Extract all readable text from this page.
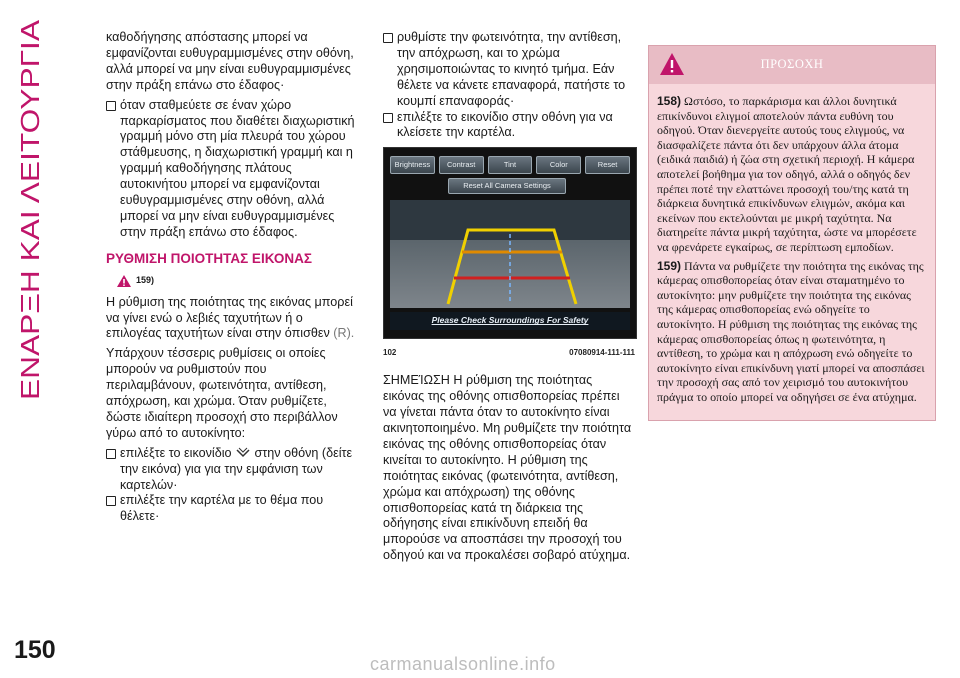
ΕΝΑΡΞΗ ΚΑΙ ΛΕΙΤΟΥΡΓΙΑ
150

καθοδήγησης απόστασης μπορεί να εμφανίζονται ευθυγραμμισμένες στην οθόνη, αλλά μπορεί να μην είναι ευθυγραμμισμένες στην πράξη επάνω στο έδαφος·

όταν σταθμεύετε σε έναν χώρο παρκαρίσματος που διαθέτει διαχωριστική γραμμή μόνο στη μία πλευρά του χώρου στάθμευσης, η διαχωριστική γραμμή και η γραμμή καθοδήγησης πλάτους αυτοκινήτου μπορεί να εμφανίζονται ευθυγραμμισμένες στην οθόνη, αλλά μπορεί να μην είναι ευθυγραμμισμένες στην πράξη επάνω στο έδαφος.
ΡΥΘΜΙΣΗ ΠΟΙΟΤΗΤΑΣ ΕΙΚΟΝΑΣ
159)

Η ρύθμιση της ποιότητας της εικόνας μπορεί να γίνει ενώ ο λεβιές ταχυτήτων ή ο επιλογέας ταχυτήτων είναι στην όπισθεν (R).

Υπάρχουν τέσσερις ρυθμίσεις οι οποίες μπορούν να ρυθμιστούν που περιλαμβάνουν, φωτεινότητα, αντίθεση, απόχρωση, και χρώμα. Όταν ρυθμίζετε, δώστε ιδιαίτερη προσοχή στο περιβάλλον γύρω από το αυτοκίνητο:

επιλέξτε το εικονίδιο στην οθόνη (δείτε την εικόνα) για για την εμφάνιση των καρτελών·
επιλέξτε την καρτέλα με το θέμα που θέλετε·
ρυθμίστε την φωτεινότητα, την αντίθεση, την απόχρωση, και το χρώμα χρησιμοποιώντας το κινητό τμήμα. Εάν θέλετε να κάνετε επαναφορά, πατήστε το κουμπί επαναφοράς·
επιλέξτε το εικονίδιο στην οθόνη για να κλείσετε την καρτέλα.
Brightness	Contrast	Tint	Color	Reset
Reset All Camera Settings
Please Check Surroundings For Safety
102	07080914-111-111

ΣΗΜΕΊΩΣΗ Η ρύθμιση της ποιότητας εικόνας της οθόνης οπισθοπορείας πρέπει να γίνεται πάντα όταν το αυτοκίνητο είναι ακινητοποιημένο. Μη ρυθμίζετε την ποιότητα εικόνας της οθόνης οπισθοπορείας όταν κινείται το αυτοκίνητο. Η ρύθμιση της ποιότητας εικόνας (φωτεινότητα, αντίθεση, χρώμα και απόχρωση) της οθόνης οπισθοπορείας κατά τη διάρκεια της οδήγησης είναι επικίνδυνη επειδή θα μπορούσε να αποσπάσει την προσοχή του οδηγού και να προκαλέσει σοβαρό ατύχημα.

ΠΡΟΣΟΧΗ

158) Ωστόσο, το παρκάρισμα και άλλοι δυνητικά επικίνδυνοι ελιγμοί αποτελούν πάντα ευθύνη του οδηγού. Όταν διενεργείτε αυτούς τους ελιγμούς, να διασφαλίζετε πάντα ότι δεν υπάρχουν άλλα άτομα (ειδικά παιδιά) ή ζώα στη σχετική περιοχή. Η κάμερα αποτελεί βοήθημα για τον οδηγό, αλλά ο οδηγός δεν πρέπει ποτέ την ελαττώνει προσοχή του/της κατά τη διάρκεια δυνητικά επικίνδυνων ελιγμών, ακόμα και εκείνων που εκτελούνται με μικρή ταχύτητα. Να διατηρείτε πάντα μικρή ταχύτητα, ώστε να μπορέσετε να φρενάρετε εγκαίρως, σε περίπτωση εμποδίων.

159) Πάντα να ρυθμίζετε την ποιότητα της εικόνας της κάμερας οπισθοπορείας όταν είναι σταματημένο το αυτοκίνητο: μην ρυθμίζετε την ποιότητα της εικόνας της κάμερας οπισθοπορείας ενώ οδηγείτε το αυτοκίνητο. Η ρύθμιση της ποιότητας της εικόνας της κάμερας οπισθοπορείας όπως η φωτεινότητα, η αντίθεση, το χρώμα και η απόχρωση ενώ οδηγείτε το αυτοκίνητο είναι επικίνδυνη γιατί μπορεί να αποσπάσει την προσοχή σας από τον χειρισμό του αυτοκινήτου πράγμα το οποίο μπορεί να οδηγήσει σε ένα ατύχημα.

carmanualsonline.info
